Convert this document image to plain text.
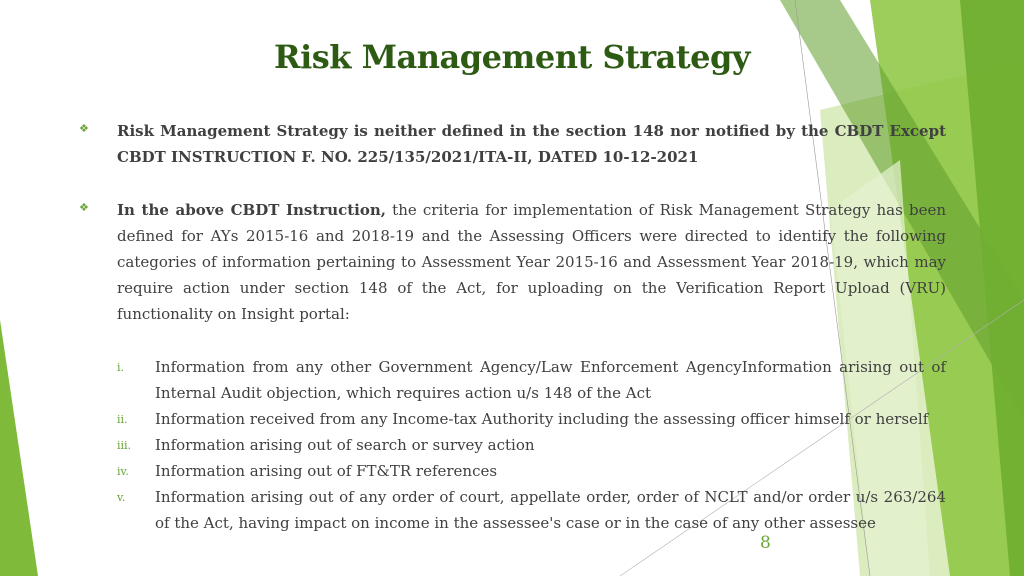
Risk Management Strategy
❖ Risk Management Strategy is neither defined in the section 148 nor notified by the CBDT Except CBDT INSTRUCTION F. NO. 225/135/2021/ITA-II, DATED 10-12-2021
❖ In the above CBDT Instruction, the criteria for implementation of Risk Management Strategy has been defined for AYs 2015-16 and 2018-19 and the Assessing Officers were directed to identify the following categories of information pertaining to Assessment Year 2015-16 and Assessment Year 2018-19, which may require action under section 148 of the Act, for uploading on the Verification Report Upload (VRU) functionality on Insight portal:
i. Information from any other Government Agency/Law Enforcement AgencyInformation arising out of Internal Audit objection, which requires action u/s 148 of the Act
ii. Information received from any Income-tax Authority including the assessing officer himself or herself
iii. Information arising out of search or survey action
iv. Information arising out of FT&TR references
v. Information arising out of any order of court, appellate order, order of NCLT and/or order u/s 263/264 of the Act, having impact on income in the assessee's case or in the case of any other assessee
8
